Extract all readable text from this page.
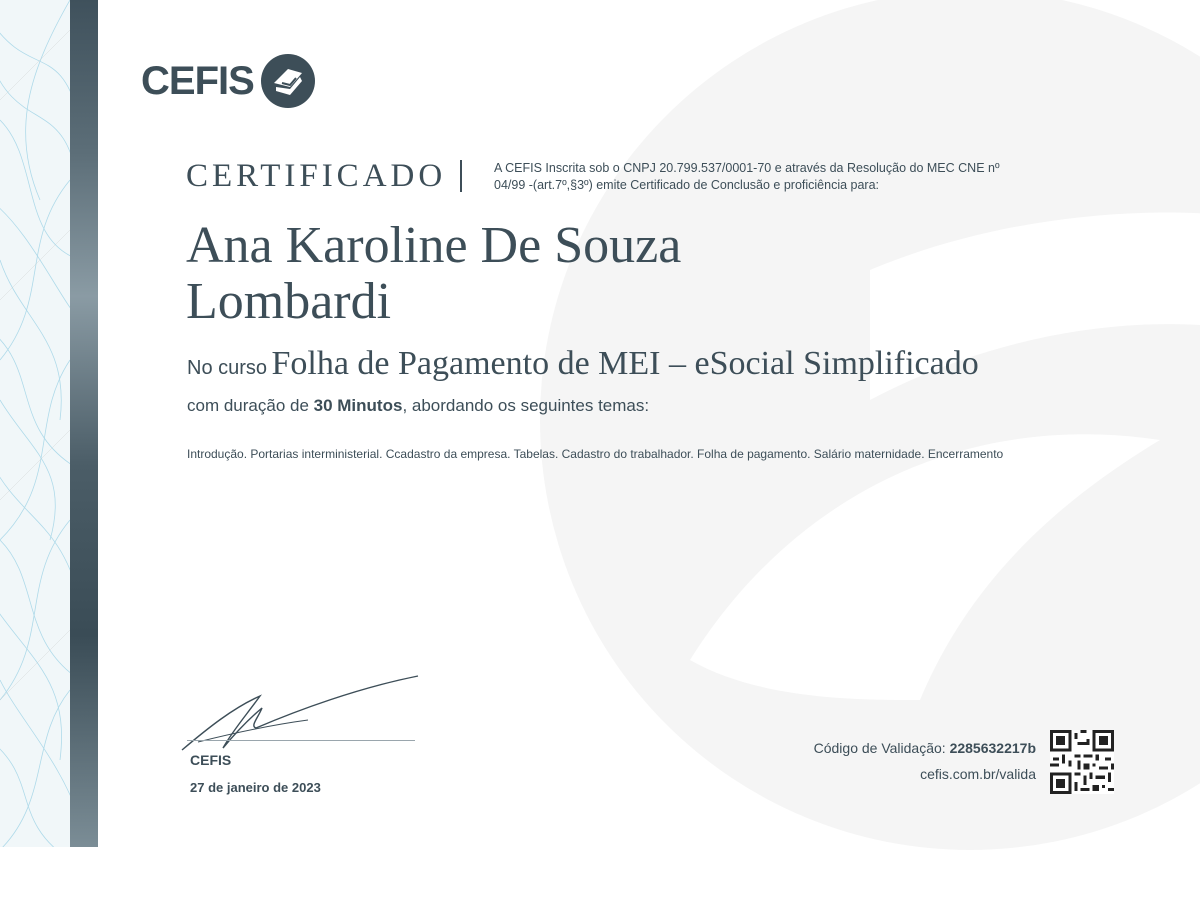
CEFIS
CERTIFICADO	A CEFIS Inscrita sob o CNPJ 20.799.537/0001-70 e através da Resolução do MEC CNE nº 04/99 -(art.7º,§3º) emite Certificado de Conclusão e proficiência para:
Ana Karoline De Souza
Lombardi
No curso Folha de Pagamento de MEI – eSocial Simplificado
com duração de 30 Minutos, abordando os seguintes temas:
Introdução. Portarias interministerial. Ccadastro da empresa. Tabelas. Cadastro do trabalhador. Folha de pagamento. Salário maternidade. Encerramento
CEFIS
27 de janeiro de 2023
Código de Validação: 2285632217b
cefis.com.br/valida
